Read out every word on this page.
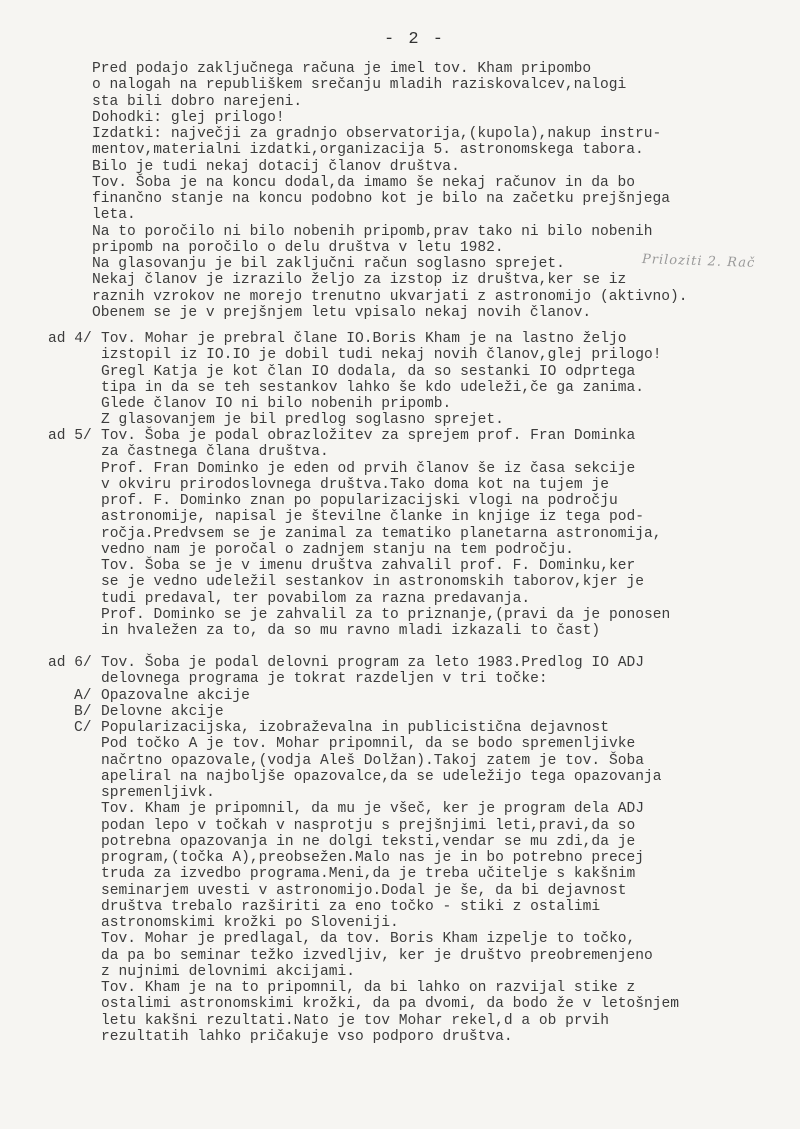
- 2 -
Priloziti 2. Rač
Pred podajo zaključnega računa je imel tov. Kham pripombo
o nalogah na republiškem srečanju mladih raziskovalcev,nalogi
sta bili dobro narejeni.
Dohodki: glej prilogo!
Izdatki: največji za gradnjo observatorija,(kupola),nakup instru-
mentov,materialni izdatki,organizacija 5. astronomskega tabora.
Bilo je tudi nekaj dotacij članov društva.
Tov. Šoba je na koncu dodal,da imamo še nekaj računov in da bo
finančno stanje na koncu podobno kot je bilo na začetku prejšnjega
leta.
Na to poročilo ni bilo nobenih pripomb,prav tako ni bilo nobenih
pripomb na poročilo o delu društva v letu 1982.
Na glasovanju je bil zaključni račun soglasno sprejet.
Nekaj članov je izrazilo željo za izstop iz društva,ker se iz
raznih vzrokov ne morejo trenutno ukvarjati z astronomijo (aktivno).
Obenem se je v prejšnjem letu vpisalo nekaj novih članov.
ad 4/ Tov. Mohar je prebral člane IO.Boris Kham je na lastno željo
izstopil iz IO.IO je dobil tudi nekaj novih članov,glej prilogo!
Gregl Katja je kot član IO dodala, da so sestanki IO odprtega
tipa in da se teh sestankov lahko še kdo udeleži,če ga zanima.
Glede članov IO ni bilo nobenih pripomb.
Z glasovanjem je bil predlog soglasno sprejet.
ad 5/ Tov. Šoba je podal obrazložitev za sprejem prof. Fran Dominka
za častnega člana društva.
Prof. Fran Dominko je eden od prvih članov še iz časa sekcije
v okviru prirodoslovnega društva.Tako doma kot na tujem je
prof. F. Dominko znan po popularizacijski vlogi na področju
astronomije, napisal je številne članke in knjige iz tega pod-
ročja.Predvsem se je zanimal za tematiko planetarna astronomija,
vedno nam je poročal o zadnjem stanju na tem področju.
Tov. Šoba se je v imenu društva zahvalil prof. F. Dominku,ker
se je vedno udeležil sestankov in astronomskih taborov,kjer je
tudi predaval, ter povabilom za razna predavanja.
Prof. Dominko se je zahvalil za to priznanje,(pravi da je ponosen
in hvaležen za to, da so mu ravno mladi izkazali to čast)
ad 6/ Tov. Šoba je podal delovni program za leto 1983.Predlog IO ADJ
delovnega programa je tokrat razdeljen v tri točke:
A/ Opazovalne akcije
B/ Delovne akcije
C/ Popularizacijska, izobraževalna in publicistična dejavnost
Pod točko A je tov. Mohar pripomnil, da se bodo spremenljivke
načrtno opazovale,(vodja Aleš Dolžan).Takoj zatem je tov. Šoba
apeliral na najboljše opazovalce,da se udeležijo tega opazovanja
spremenljivk.
Tov. Kham je pripomnil, da mu je všeč, ker je program dela ADJ
podan lepo v točkah v nasprotju s prejšnjimi leti,pravi,da so
potrebna opazovanja in ne dolgi teksti,vendar se mu zdi,da je
program,(točka A),preobsežen.Malo nas je in bo potrebno precej
truda za izvedbo programa.Meni,da je treba učitelje s kakšnim
seminarjem uvesti v astronomijo.Dodal je še, da bi dejavnost
društva trebalo razširiti za eno točko - stiki z ostalimi
astronomskimi krožki po Sloveniji.
Tov. Mohar je predlagal, da tov. Boris Kham izpelje to točko,
da pa bo seminar težko izvedljiv, ker je društvo preobremenjeno
z nujnimi delovnimi akcijami.
Tov. Kham je na to pripomnil, da bi lahko on razvijal stike z
ostalimi astronomskimi krožki, da pa dvomi, da bodo že v letošnjem
letu kakšni rezultati.Nato je tov Mohar rekel,d a ob prvih
rezultatih lahko pričakuje vso podporo društva.
